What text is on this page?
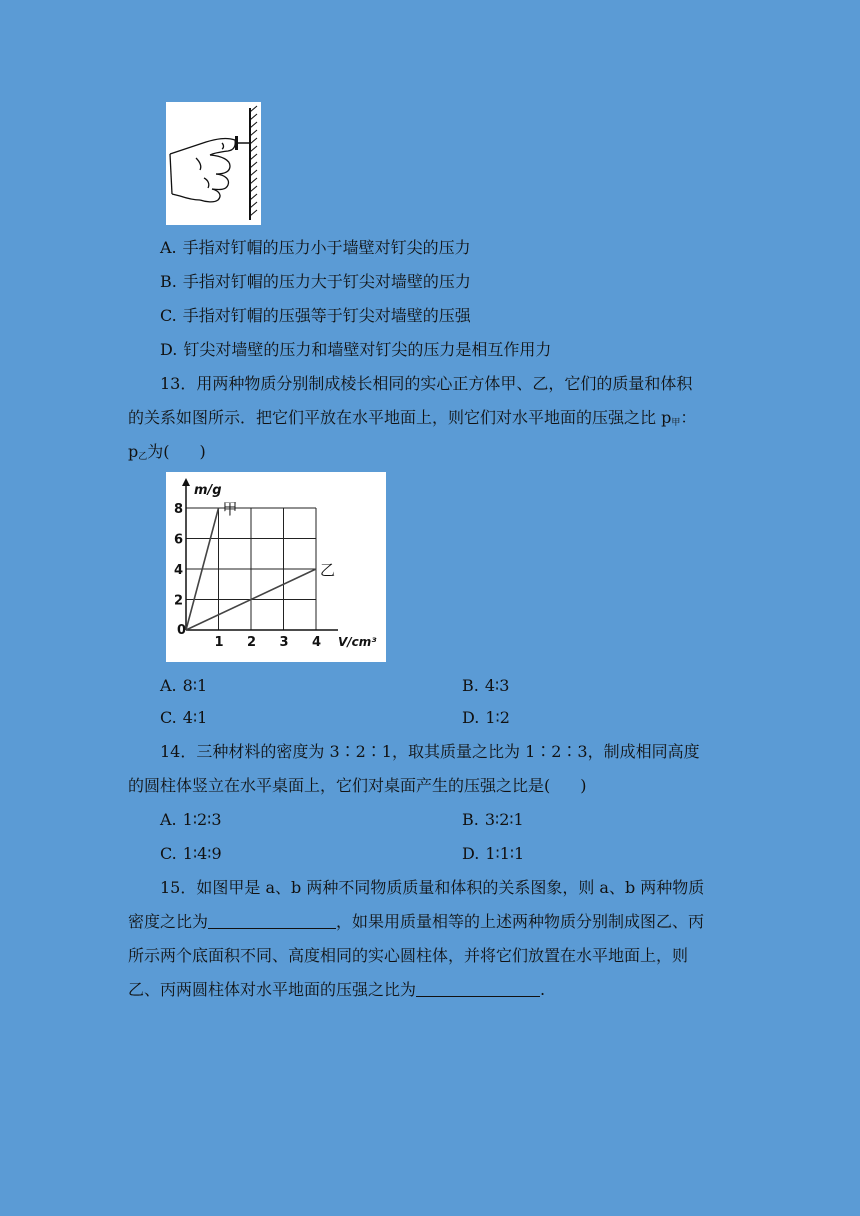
A. 手指对钉帽的压力小于墙壁对钉尖的压力
B. 手指对钉帽的压力大于钉尖对墙壁的压力
C. 手指对钉帽的压强等于钉尖对墙壁的压强
D. 钉尖对墙壁的压力和墙壁对钉尖的压力是相互作用力
13．用两种物质分别制成棱长相同的实心正方体甲、乙，它们的质量和体积
的关系如图所示．把它们平放在水平地面上，则它们对水平地面的压强之比 $p_甲$：
$p_乙$为( )
甲
乙
0
1 2 3 4
2
4
6
8
V/cm³
m/g
A. 8∶1	B. 4∶3
C. 4∶1	D. 1∶2
14．三种材料的密度为 3∶2∶1，取其质量之比为 1∶2∶3，制成相同高度
的圆柱体竖立在水平桌面上，它们对桌面产生的压强之比是( )
A. 1∶2∶3	B. 3∶2∶1
C. 1∶4∶9	D. 1∶1∶1
15．如图甲是 a、b 两种不同物质质量和体积的关系图象，则 a、b 两种物质
密度之比为	，如果用质量相等的上述两种物质分别制成图乙、丙
所示两个底面积不同、高度相同的实心圆柱体，并将它们放置在水平地面上，则
乙、丙两圆柱体对水平地面的压强之比为	.
